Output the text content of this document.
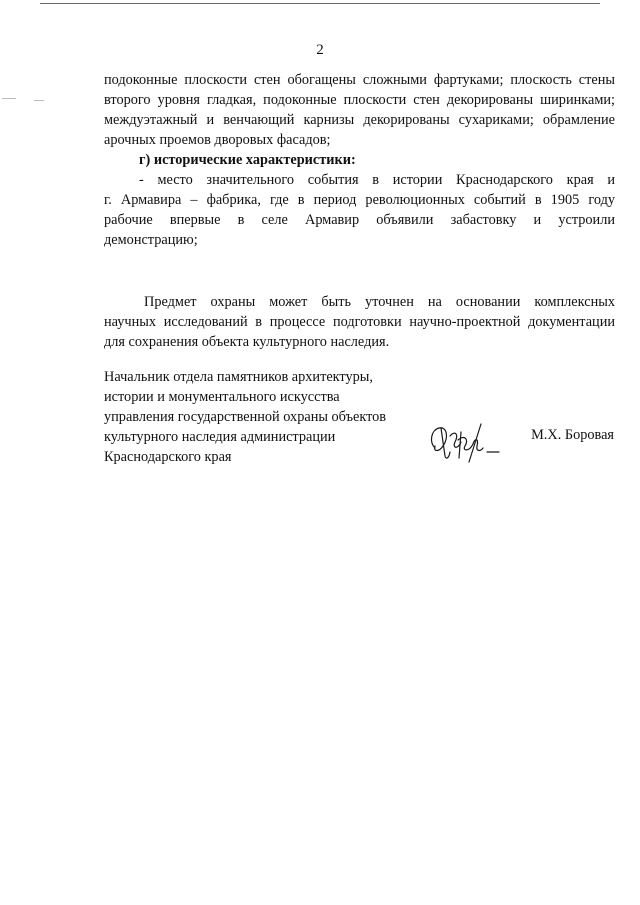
2

подоконные плоскости стен обогащены сложными фартуками; плоскость стены

второго уровня гладкая, подоконные плоскости стен декорированы ширинками;

междуэтажный и венчающий карнизы декорированы сухариками; обрамление

арочных проемов дворовых фасадов;

г) исторические характеристики:

- место значительного события в истории Краснодарского края и

г. Армавира – фабрика, где в период революционных событий в 1905 году

рабочие впервые в селе Армавир объявили забастовку и устроили

демонстрацию;

Предмет охраны может быть уточнен на основании комплексных

научных исследований в процессе подготовки научно-проектной документации

для сохранения объекта культурного наследия.

Начальник отдела памятников архитектуры,
истории и монументального искусства
управления государственной охраны объектов
культурного наследия администрации
Краснодарского края
М.Х. Боровая
